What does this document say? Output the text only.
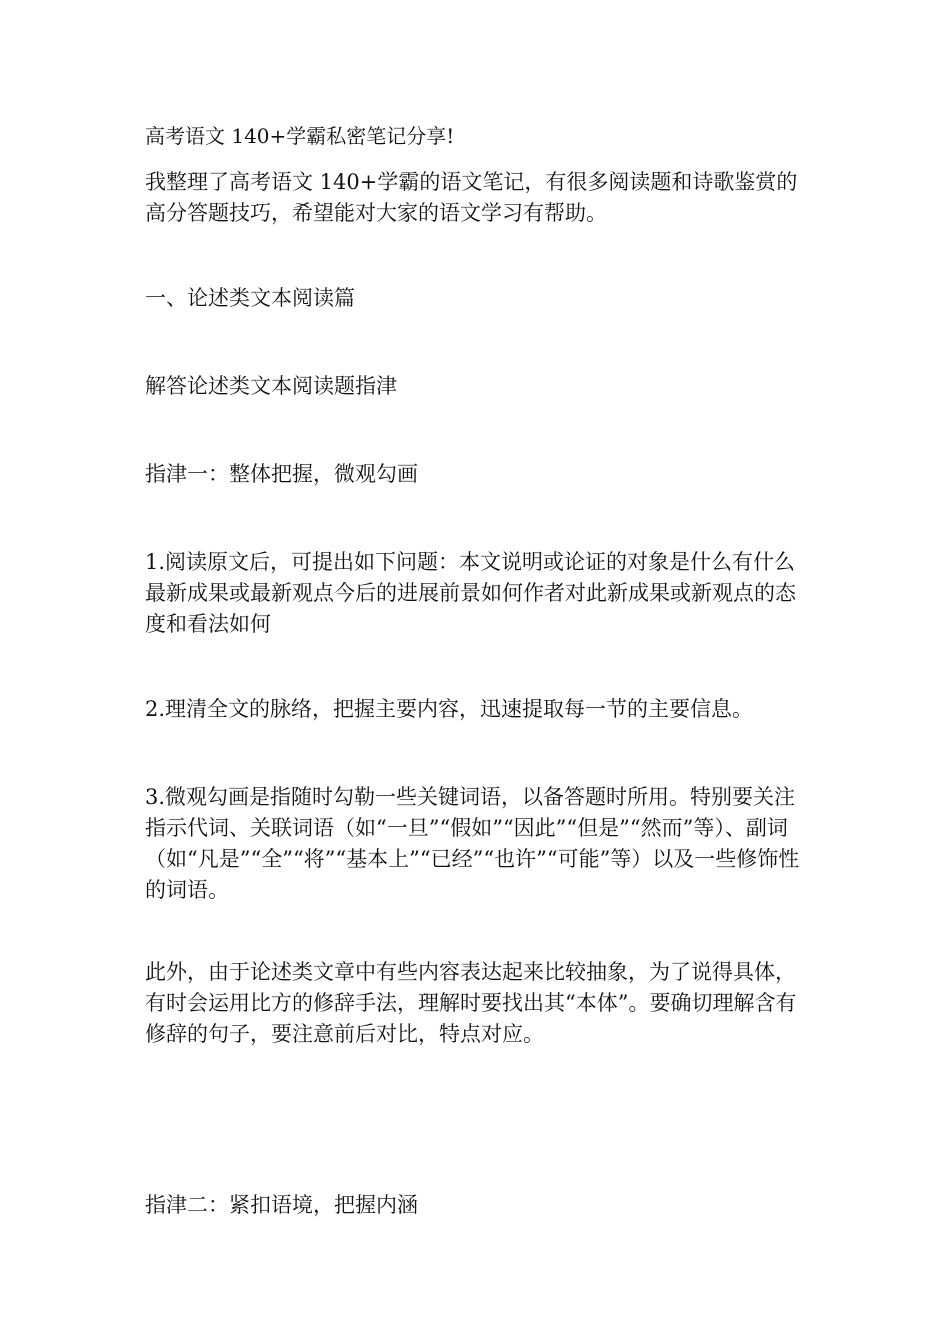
高考语文 140+学霸私密笔记分享!

我整理了高考语文 140+学霸的语文笔记，有很多阅读题和诗歌鉴赏的高分答题技巧，希望能对大家的语文学习有帮助。

一、论述类文本阅读篇

解答论述类文本阅读题指津

指津一：整体把握，微观勾画

1.阅读原文后，可提出如下问题：本文说明或论证的对象是什么有什么最新成果或最新观点今后的进展前景如何作者对此新成果或新观点的态度和看法如何

2.理清全文的脉络，把握主要内容，迅速提取每一节的主要信息。

3.微观勾画是指随时勾勒一些关键词语，以备答题时所用。特别要关注指示代词、关联词语（如“一旦”“假如”“因此”“但是”“然而”等）、副词（如“凡是”“全”“将”“基本上”“已经”“也许”“可能”等）以及一些修饰性的词语。

此外，由于论述类文章中有些内容表达起来比较抽象，为了说得具体，有时会运用比方的修辞手法，理解时要找出其“本体”。要确切理解含有修辞的句子，要注意前后对比，特点对应。

指津二：紧扣语境，把握内涵
